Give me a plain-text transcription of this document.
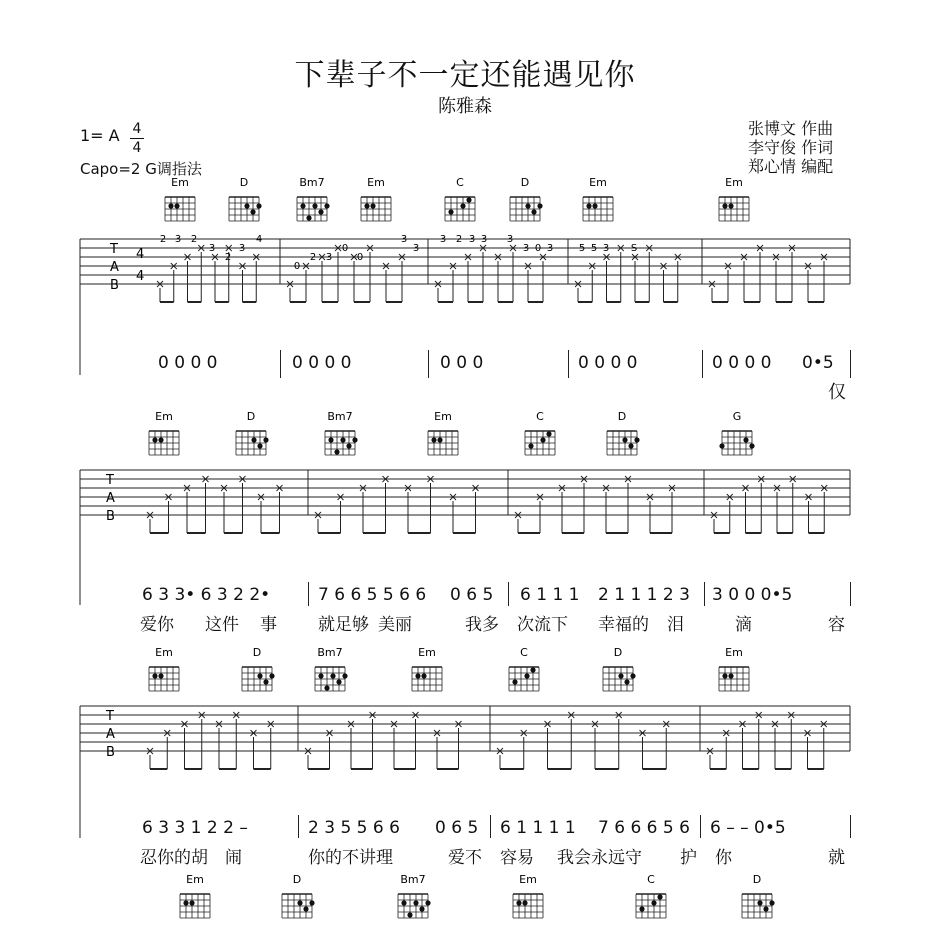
下辈子不一定还能遇见你
陈雅森
1= A 4
4
Capo=2 G调指法
张博文 作曲
李守俊 作词
郑心情 编配
T
A
B
4
4
T
A
B
T
A
B
2 3 2
3
2
3
4
0
2 3
0
0
3
3
3 2 3 3 3
3 0 3	5 5 3 S
Em	D	Bm7	Em	C	D	Em	Em
Em	D	Bm7	Em	C	D	G
Em	D	Bm7	Em	C	D	Em
Em	D	Bm7	Em	C	D
0 0 0 0	0 0 0 0	0 0 0	0 0 0 0	0 0 0 0 0•5
仅
6 3 3• 6 3 2 2•	7 6 6 5 5 6 6 0 6 5 6 1 1 1 2 1 1 1 2 3 3 0 0 0•5
爱你 这件 事 就足够 美丽	我多 次流下 幸福的 泪	滴	容
6 3 3 1 2 2 –	2 3 5 5 6 6 0 6 5 6 1 1 1 1 7 6 6 6 5 6 6 – – 0•5
忍你的胡 闹	你的不讲理	爱不 容易 我会永远守 护 你	就
